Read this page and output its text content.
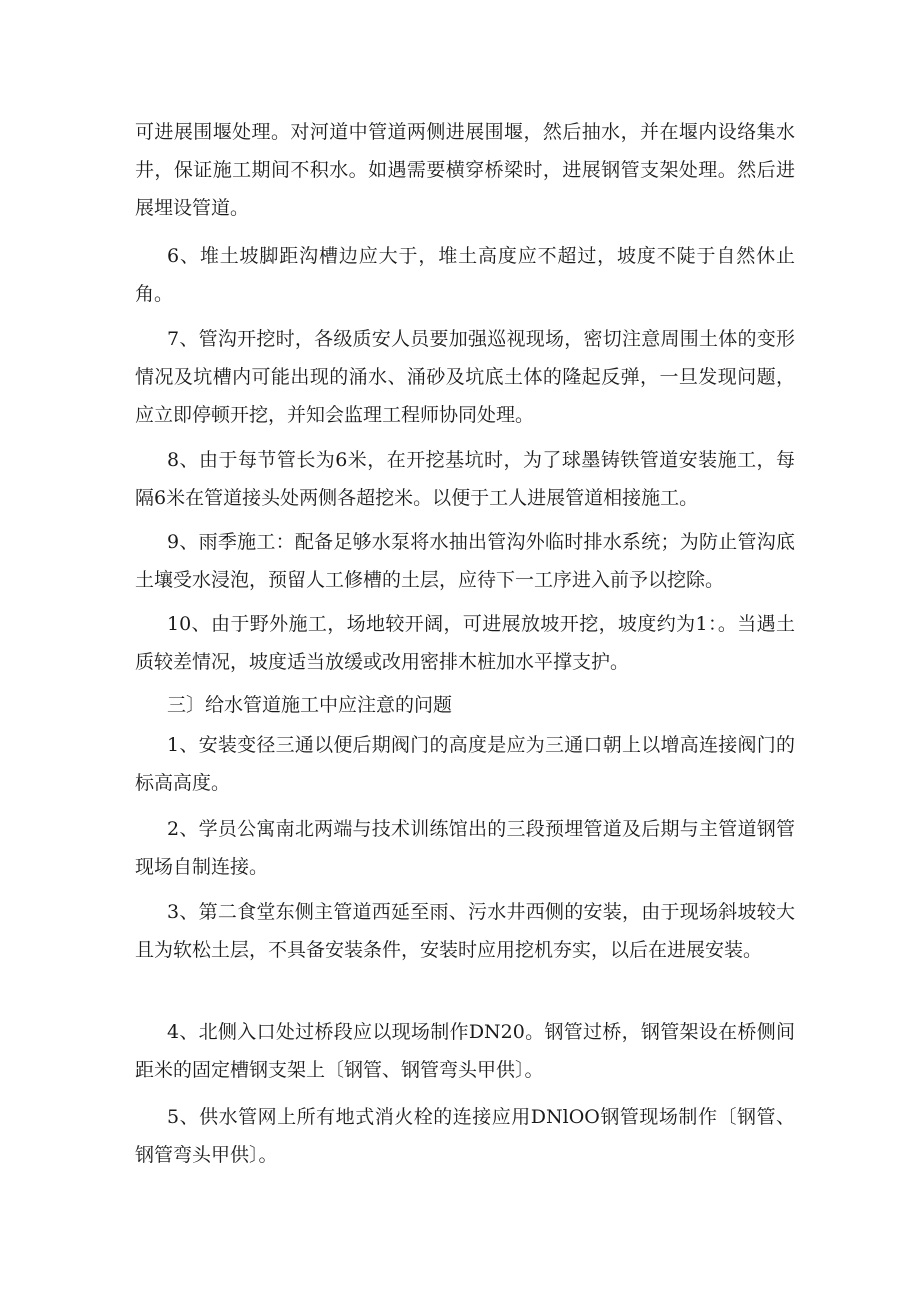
可进展围堰处理。对河道中管道两侧进展围堰，然后抽水，并在堰内设络集水井，保证施工期间不积水。如遇需要横穿桥梁时，进展钢管支架处理。然后进展埋设管道。

6、堆土坡脚距沟槽边应大于，堆土高度应不超过，坡度不陡于自然休止角。

7、管沟开挖时，各级质安人员要加强巡视现场，密切注意周围土体的变形情况及坑槽内可能出现的涌水、涌砂及坑底土体的隆起反弹，一旦发现问题，应立即停顿开挖，并知会监理工程师协同处理。

8、由于每节管长为6米，在开挖基坑时，为了球墨铸铁管道安装施工，每隔6米在管道接头处两侧各超挖米。以便于工人进展管道相接施工。

9、雨季施工：配备足够水泵将水抽出管沟外临时排水系统；为防止管沟底土壤受水浸泡，预留人工修槽的土层，应待下一工序进入前予以挖除。

10、由于野外施工，场地较开阔，可进展放坡开挖，坡度约为1：。当遇土质较差情况，坡度适当放缓或改用密排木桩加水平撑支护。

三〕给水管道施工中应注意的问题

1、安装变径三通以便后期阀门的高度是应为三通口朝上以增高连接阀门的标高高度。

2、学员公寓南北两端与技术训练馆出的三段预埋管道及后期与主管道钢管现场自制连接。

3、第二食堂东侧主管道西延至雨、污水井西侧的安装，由于现场斜坡较大且为软松土层，不具备安装条件，安装时应用挖机夯实，以后在进展安装。

4、北侧入口处过桥段应以现场制作DN20。钢管过桥，钢管架设在桥侧间距米的固定槽钢支架上〔钢管、钢管弯头甲供〕。

5、供水管网上所有地式消火栓的连接应用DNlOO钢管现场制作〔钢管、钢管弯头甲供〕。
